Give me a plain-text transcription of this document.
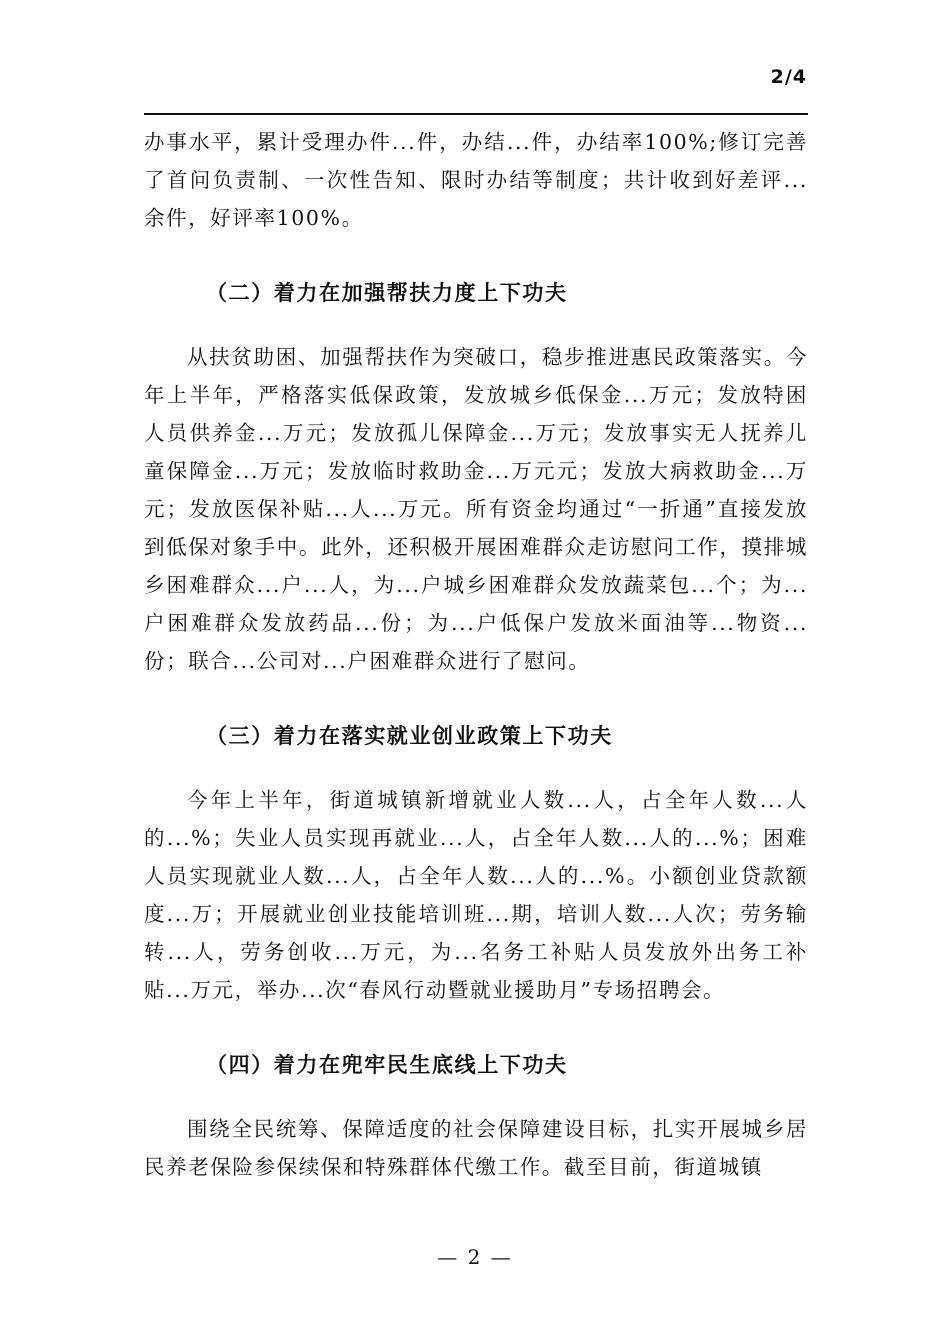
2/4

办事水平，累计受理办件...件，办结...件，办结率100%;修订完善了首问负责制、一次性告知、限时办结等制度；共计收到好差评...余件，好评率100%。

（二）着力在加强帮扶力度上下功夫

从扶贫助困、加强帮扶作为突破口，稳步推进惠民政策落实。今年上半年，严格落实低保政策，发放城乡低保金...万元；发放特困人员供养金...万元；发放孤儿保障金...万元；发放事实无人抚养儿童保障金...万元；发放临时救助金...万元元；发放大病救助金...万元；发放医保补贴...人...万元。所有资金均通过“一折通”直接发放到低保对象手中。此外，还积极开展困难群众走访慰问工作，摸排城乡困难群众...户...人，为...户城乡困难群众发放蔬菜包...个；为...户困难群众发放药品...份；为...户低保户发放米面油等...物资...份；联合...公司对...户困难群众进行了慰问。

（三）着力在落实就业创业政策上下功夫

今年上半年，街道城镇新增就业人数...人，占全年人数...人的...%；失业人员实现再就业...人，占全年人数...人的...%；困难人员实现就业人数...人，占全年人数...人的...%。小额创业贷款额度...万；开展就业创业技能培训班...期，培训人数...人次；劳务输转...人，劳务创收...万元，为...名务工补贴人员发放外出务工补贴...万元，举办...次“春风行动暨就业援助月”专场招聘会。

（四）着力在兜牢民生底线上下功夫

围绕全民统筹、保障适度的社会保障建设目标，扎实开展城乡居民养老保险参保续保和特殊群体代缴工作。截至目前，街道城镇

— 2 —
